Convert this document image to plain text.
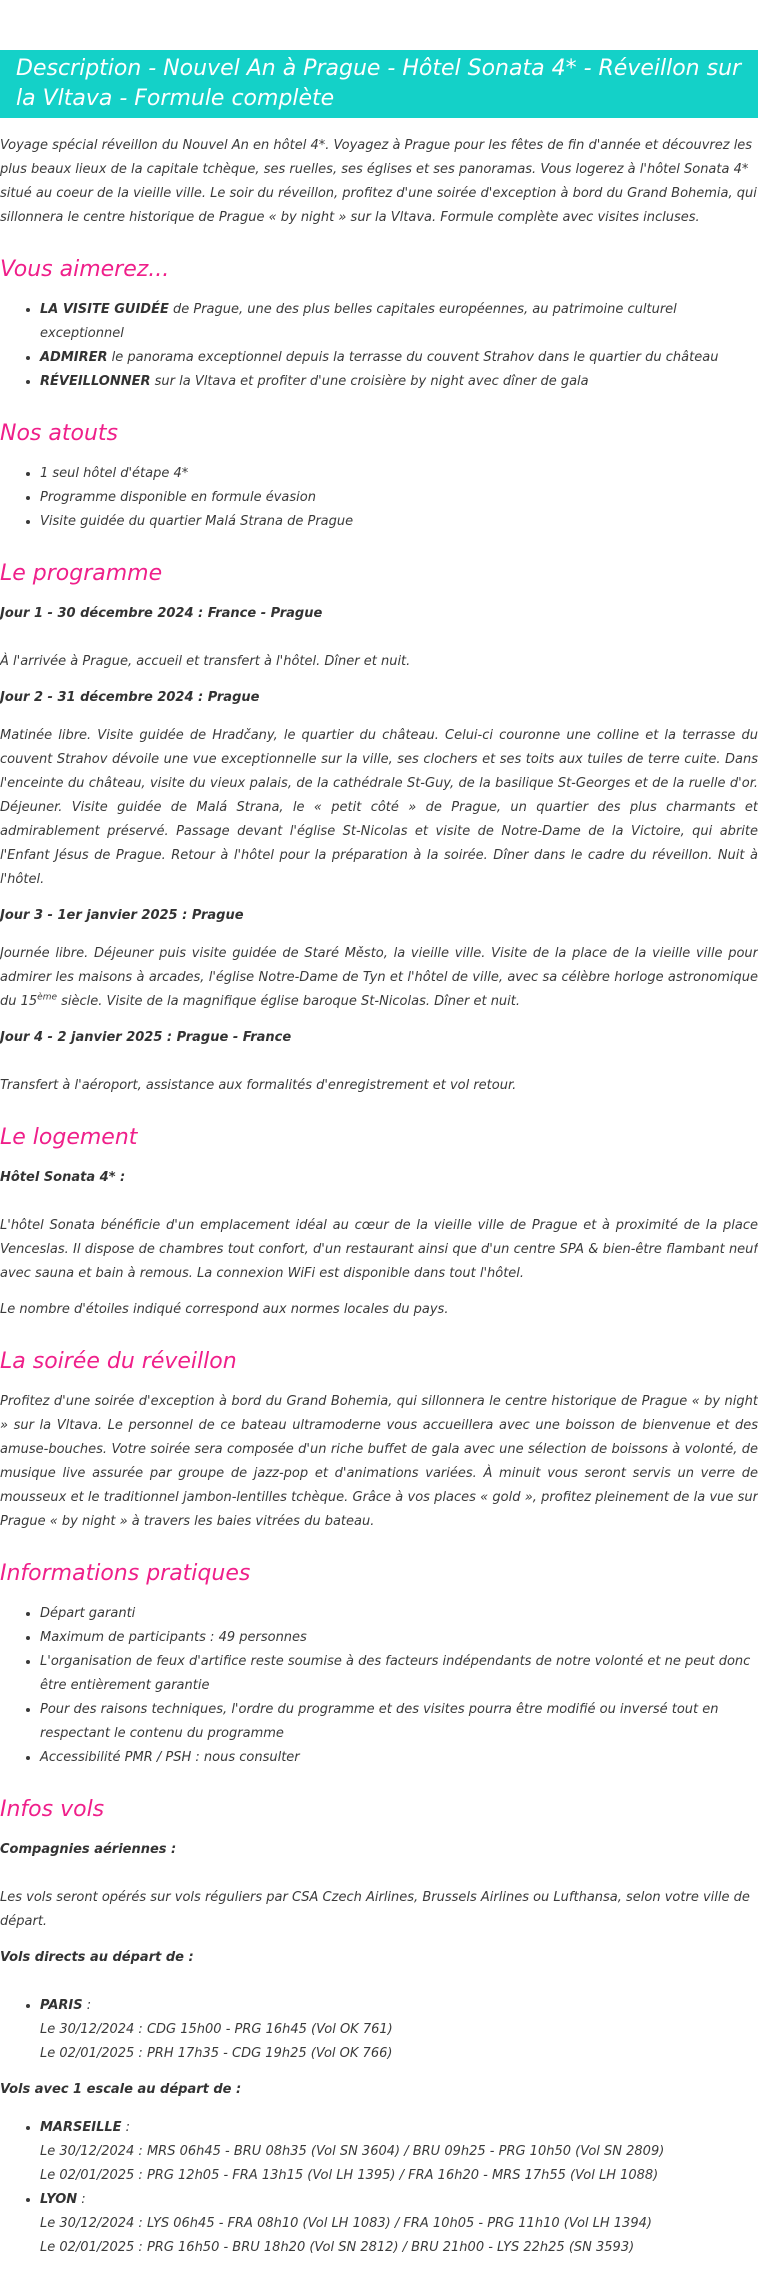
Description - Nouvel An à Prague - Hôtel Sonata 4* - Réveillon sur la Vltava - Formule complète

Voyage spécial réveillon du Nouvel An en hôtel 4*. Voyagez à Prague pour les fêtes de fin d'année et découvrez les plus beaux lieux de la capitale tchèque, ses ruelles, ses églises et ses panoramas. Vous logerez à l'hôtel Sonata 4* situé au coeur de la vieille ville. Le soir du réveillon, profitez d'une soirée d'exception à bord du Grand Bohemia, qui sillonnera le centre historique de Prague « by night » sur la Vltava. Formule complète avec visites incluses.

Vous aimerez...
• LA VISITE GUIDÉE de Prague, une des plus belles capitales européennes, au patrimoine culturel exceptionnel
• ADMIRER le panorama exceptionnel depuis la terrasse du couvent Strahov dans le quartier du château
• RÉVEILLONNER sur la Vltava et profiter d'une croisière by night avec dîner de gala
Nos atouts
• 1 seul hôtel d'étape 4*
• Programme disponible en formule évasion
• Visite guidée du quartier Malá Strana de Prague
Le programme
Jour 1 - 30 décembre 2024 : France - Prague

À l'arrivée à Prague, accueil et transfert à l'hôtel. Dîner et nuit.

Jour 2 - 31 décembre 2024 : Prague

Matinée libre. Visite guidée de Hradčany, le quartier du château. Celui-ci couronne une colline et la terrasse du couvent Strahov dévoile une vue exceptionnelle sur la ville, ses clochers et ses toits aux tuiles de terre cuite. Dans l'enceinte du château, visite du vieux palais, de la cathédrale St-Guy, de la basilique St-Georges et de la ruelle d'or. Déjeuner. Visite guidée de Malá Strana, le « petit côté » de Prague, un quartier des plus charmants et admirablement préservé. Passage devant l'église St-Nicolas et visite de Notre-Dame de la Victoire, qui abrite l'Enfant Jésus de Prague. Retour à l'hôtel pour la préparation à la soirée. Dîner dans le cadre du réveillon. Nuit à l'hôtel.

Jour 3 - 1er janvier 2025 : Prague

Journée libre. Déjeuner puis visite guidée de Staré Město, la vieille ville. Visite de la place de la vieille ville pour admirer les maisons à arcades, l'église Notre-Dame de Tyn et l'hôtel de ville, avec sa célèbre horloge astronomique du 15ème siècle. Visite de la magnifique église baroque St-Nicolas. Dîner et nuit.

Jour 4 - 2 janvier 2025 : Prague - France

Transfert à l'aéroport, assistance aux formalités d'enregistrement et vol retour.

Le logement
Hôtel Sonata 4* :

L'hôtel Sonata bénéficie d'un emplacement idéal au cœur de la vieille ville de Prague et à proximité de la place Venceslas. Il dispose de chambres tout confort, d'un restaurant ainsi que d'un centre SPA & bien-être flambant neuf avec sauna et bain à remous. La connexion WiFi est disponible dans tout l'hôtel.

Le nombre d'étoiles indiqué correspond aux normes locales du pays.

La soirée du réveillon

Profitez d'une soirée d'exception à bord du Grand Bohemia, qui sillonnera le centre historique de Prague « by night » sur la Vltava. Le personnel de ce bateau ultramoderne vous accueillera avec une boisson de bienvenue et des amuse-bouches. Votre soirée sera composée d'un riche buffet de gala avec une sélection de boissons à volonté, de musique live assurée par groupe de jazz-pop et d'animations variées. À minuit vous seront servis un verre de mousseux et le traditionnel jambon-lentilles tchèque. Grâce à vos places « gold », profitez pleinement de la vue sur Prague « by night » à travers les baies vitrées du bateau.

Informations pratiques
• Départ garanti
• Maximum de participants : 49 personnes
• L'organisation de feux d'artifice reste soumise à des facteurs indépendants de notre volonté et ne peut donc être entièrement garantie
• Pour des raisons techniques, l'ordre du programme et des visites pourra être modifié ou inversé tout en respectant le contenu du programme
• Accessibilité PMR / PSH : nous consulter
Infos vols
Compagnies aériennes :

Les vols seront opérés sur vols réguliers par CSA Czech Airlines, Brussels Airlines ou Lufthansa, selon votre ville de départ.

Vols directs au départ de :
• PARIS :
Le 30/12/2024 : CDG 15h00 - PRG 16h45 (Vol OK 761)
Le 02/01/2025 : PRH 17h35 - CDG 19h25 (Vol OK 766)
Vols avec 1 escale au départ de :
• MARSEILLE :
Le 30/12/2024 : MRS 06h45 - BRU 08h35 (Vol SN 3604) / BRU 09h25 - PRG 10h50 (Vol SN 2809)
Le 02/01/2025 : PRG 12h05 - FRA 13h15 (Vol LH 1395) / FRA 16h20 - MRS 17h55 (Vol LH 1088)
• LYON :
Le 30/12/2024 : LYS 06h45 - FRA 08h10 (Vol LH 1083) / FRA 10h05 - PRG 11h10 (Vol LH 1394)
Le 02/01/2025 : PRG 16h50 - BRU 18h20 (Vol SN 2812) / BRU 21h00 - LYS 22h25 (SN 3593)
